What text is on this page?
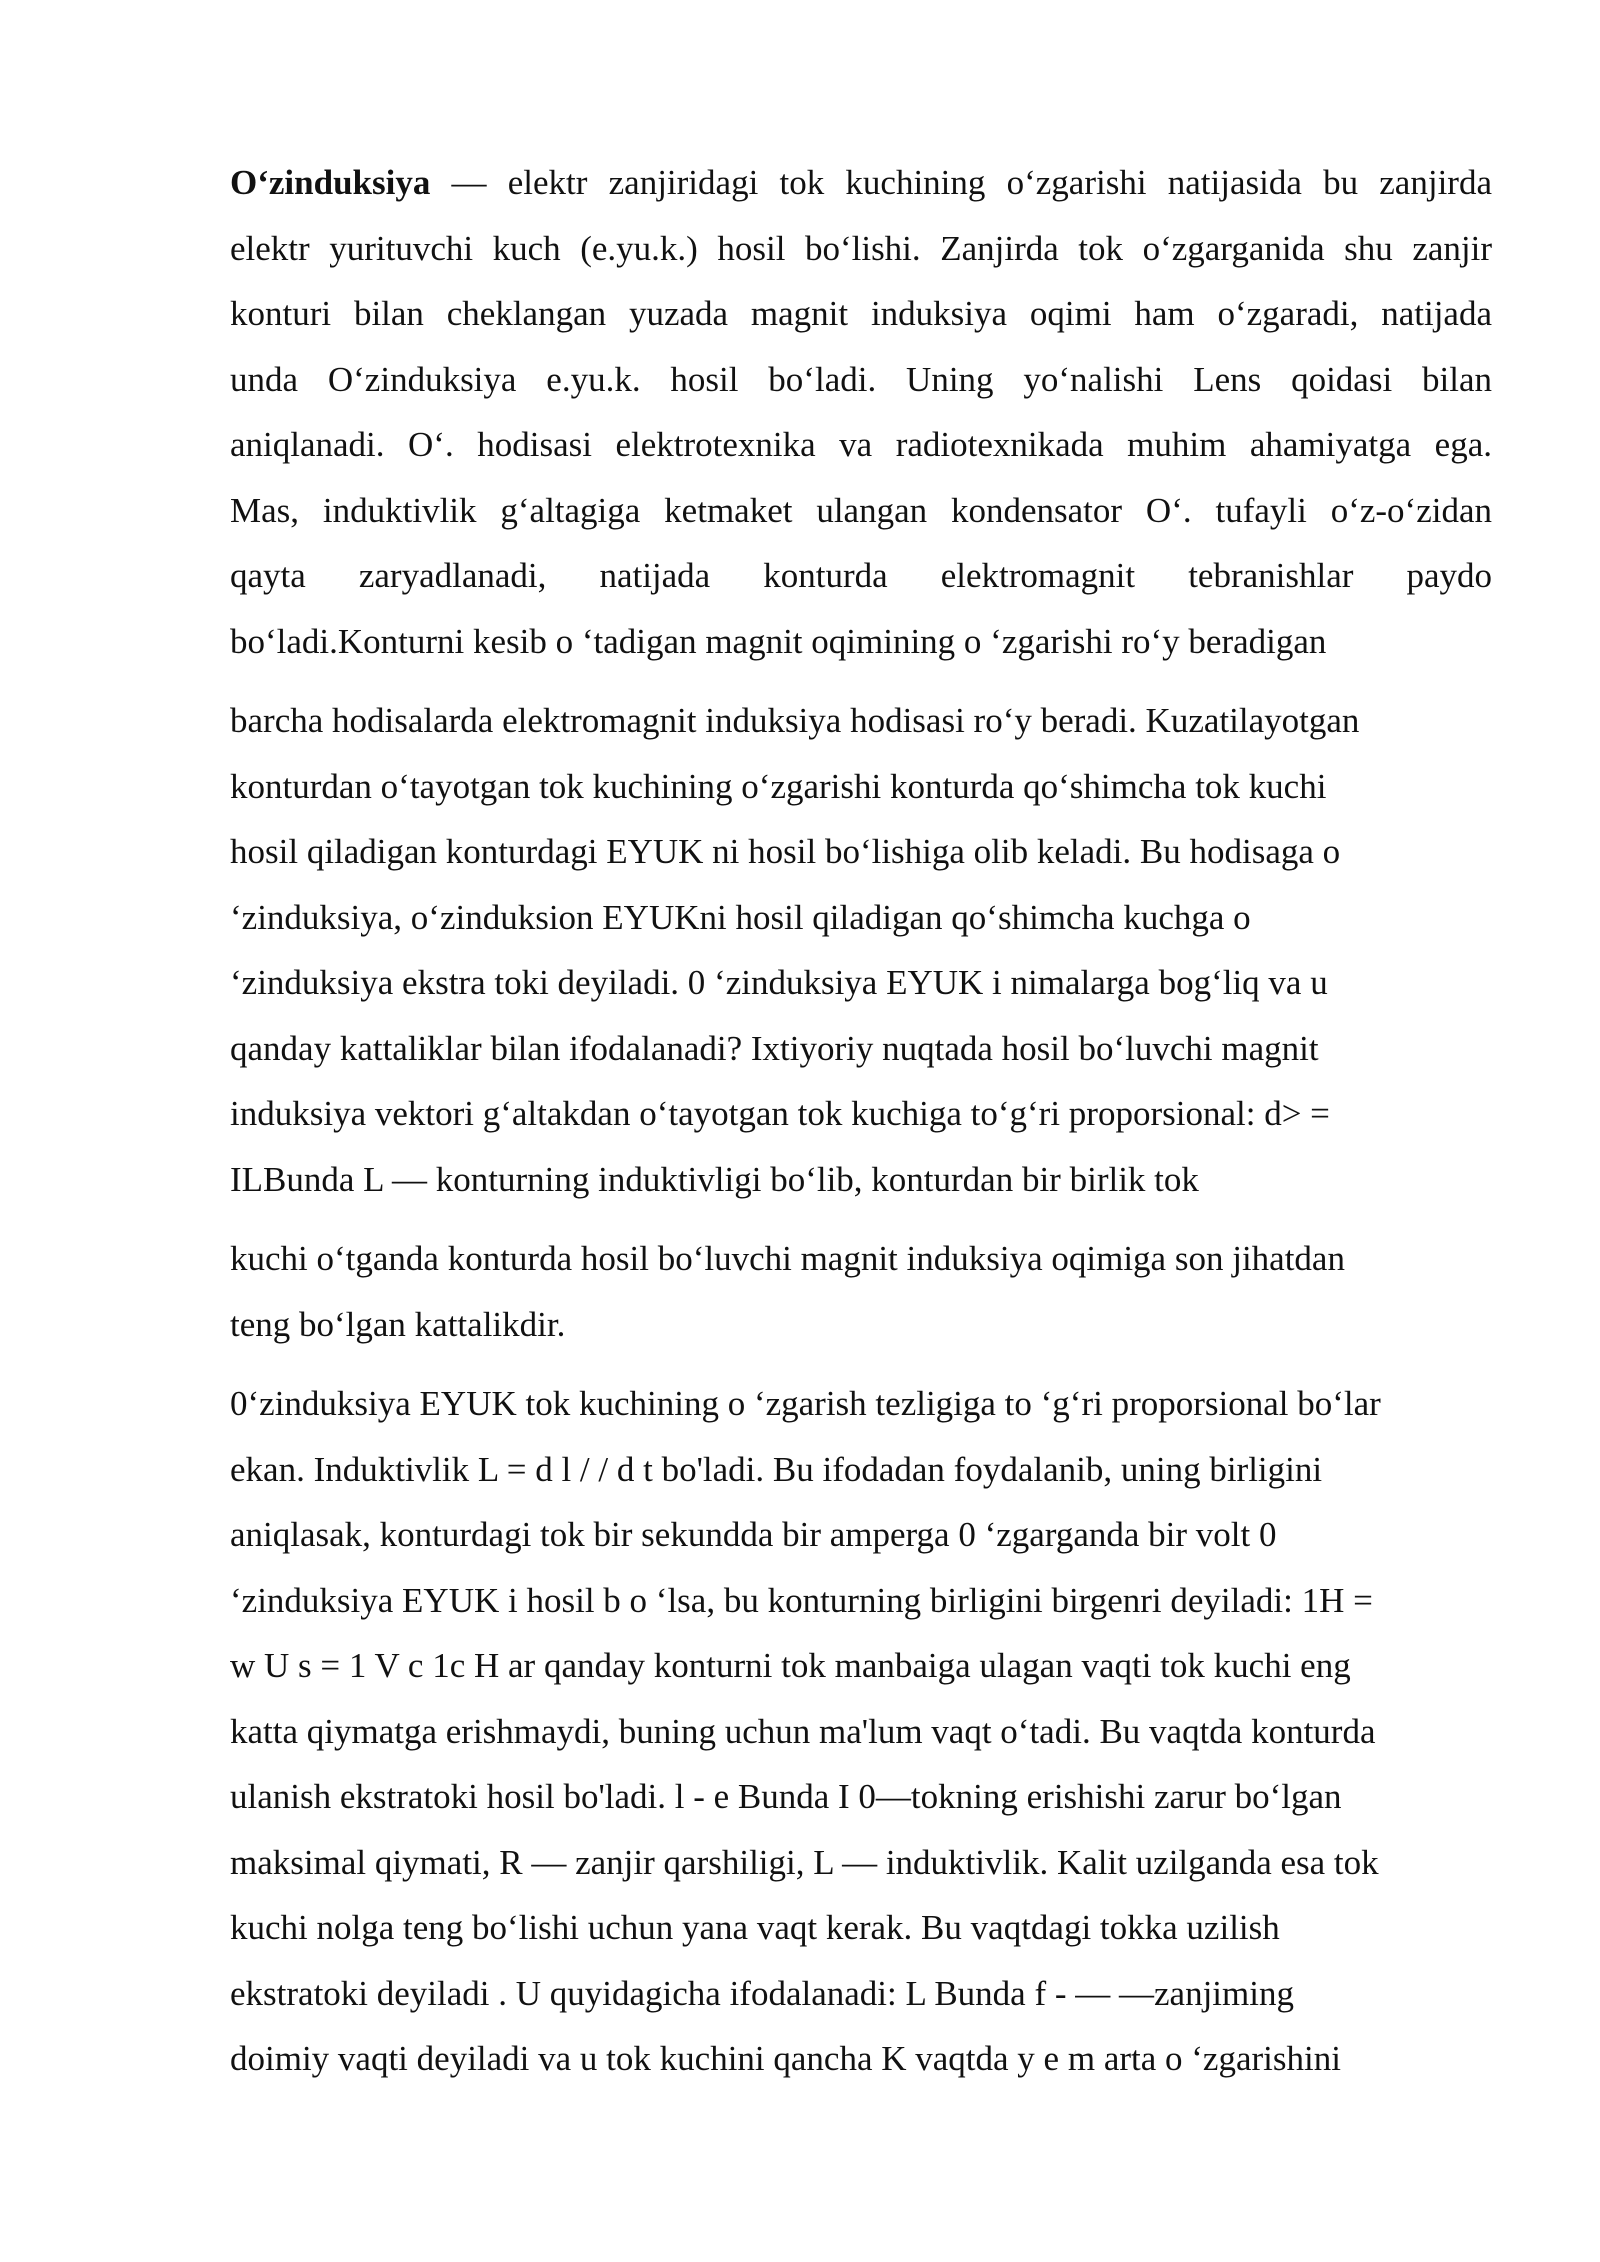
O‘zinduksiya — elektr zanjiridagi tok kuchining o‘zgarishi natijasida bu zanjirda
elektr yurituvchi kuch (e.yu.k.) hosil bo‘lishi. Zanjirda tok o‘zgarganida shu zanjir
konturi bilan cheklangan yuzada magnit induksiya oqimi ham o‘zgaradi, natijada
unda O‘zinduksiya e.yu.k. hosil bo‘ladi. Uning yo‘nalishi Lens qoidasi bilan
aniqlanadi. O‘. hodisasi elektrotexnika va radiotexnikada muhim ahamiyatga ega.
Mas, induktivlik g‘altagiga ketmaket ulangan kondensator O‘. tufayli o‘z-o‘zidan
qayta zaryadlanadi, natijada konturda elektromagnit tebranishlar paydo
bo‘ladi.Konturni kesib o ‘tadigan magnit oqimining o ‘zgarishi ro‘y beradigan

barcha hodisalarda elektromagnit induksiya hodisasi ro‘y beradi. Kuzatilayotgan
konturdan o‘tayotgan tok kuchining o‘zgarishi konturda qo‘shimcha tok kuchi
hosil qiladigan konturdagi EYUK ni hosil bo‘lishiga olib keladi. Bu hodisaga o
‘zinduksiya, o‘zinduksion EYUKni hosil qiladigan qo‘shimcha kuchga o
‘zinduksiya ekstra toki deyiladi. 0 ‘zinduksiya EYUK i nimalarga bog‘liq va u
qanday kattaliklar bilan ifodalanadi? Ixtiyoriy nuqtada hosil bo‘luvchi magnit
induksiya vektori g‘altakdan o‘tayotgan tok kuchiga to‘g‘ri proporsional: d> =
ILBunda L — konturning induktivligi bo‘lib, konturdan bir birlik tok

kuchi o‘tganda konturda hosil bo‘luvchi magnit induksiya oqimiga son jihatdan
teng bo‘lgan kattalikdir.

0‘zinduksiya EYUK tok kuchining o ‘zgarish tezligiga to ‘g‘ri proporsional bo‘lar
ekan. Induktivlik L = d l / / d t bo'ladi. Bu ifodadan foydalanib, uning birligini
aniqlasak, konturdagi tok bir sekundda bir amperga 0 ‘zgarganda bir volt 0
‘zinduksiya EYUK i hosil b o ‘lsa, bu konturning birligini birgenri deyiladi: 1H =
w U s = 1 V c 1c H ar qanday konturni tok manbaiga ulagan vaqti tok kuchi eng
katta qiymatga erishmaydi, buning uchun ma'lum vaqt o‘tadi. Bu vaqtda konturda
ulanish ekstratoki hosil bo'ladi. l - e Bunda I 0—tokning erishishi zarur bo‘lgan
maksimal qiymati, R — zanjir qarshiligi, L — induktivlik. Kalit uzilganda esa tok
kuchi nolga teng bo‘lishi uchun yana vaqt kerak. Bu vaqtdagi tokka uzilish
ekstratoki deyiladi . U quyidagicha ifodalanadi: L Bunda f - — —zanjiming
doimiy vaqti deyiladi va u tok kuchini qancha K vaqtda y e m arta o ‘zgarishini
